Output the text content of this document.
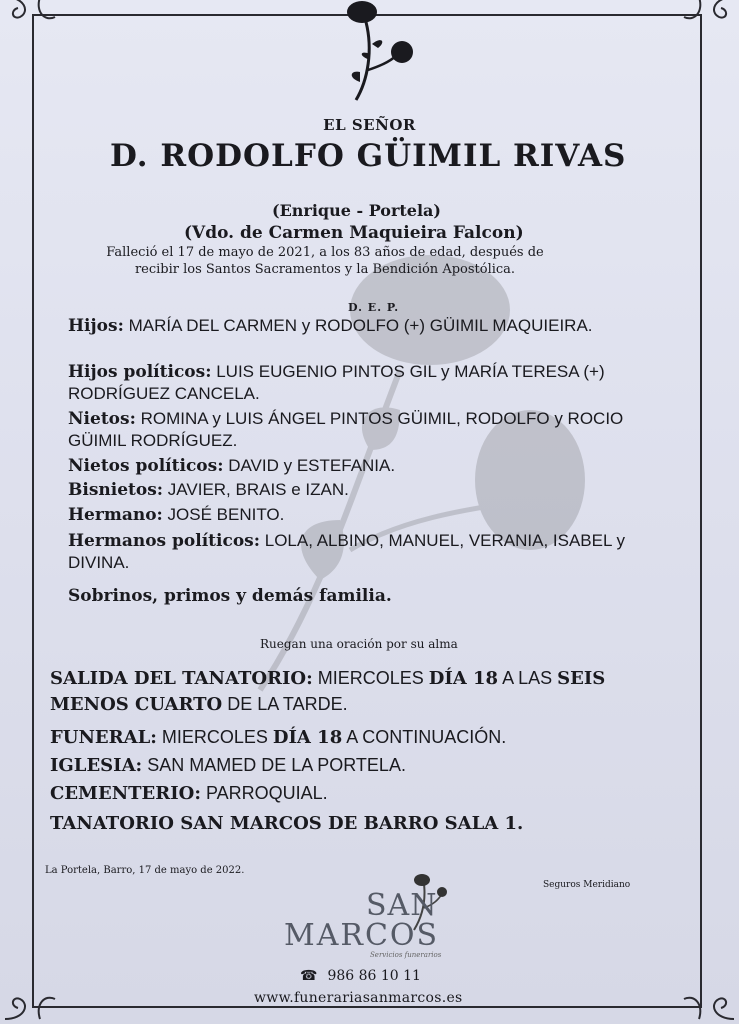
EL SEÑOR
D. RODOLFO GÜIMIL RIVAS
(Enrique - Portela)
(Vdo. de Carmen Maquieira Falcon)
Falleció el 17 de mayo de 2021, a los 83 años de edad, después de recibir los Santos Sacramentos y la Bendición Apostólica.
D. E. P.
Hijos: MARÍA DEL CARMEN y RODOLFO (+) GÜIMIL MAQUIEIRA.
Hijos políticos: LUIS EUGENIO PINTOS GIL y MARÍA TERESA (+) RODRÍGUEZ CANCELA.
Nietos: ROMINA y LUIS ÁNGEL PINTOS GÜIMIL, RODOLFO y ROCIO GÜIMIL RODRÍGUEZ.
Nietos políticos: DAVID y ESTEFANIA.
Bisnietos: JAVIER, BRAIS e IZAN.
Hermano: JOSÉ BENITO.
Hermanos políticos: LOLA, ALBINO, MANUEL, VERANIA, ISABEL y DIVINA.
Sobrinos, primos y demás familia.
Ruegan una oración por su alma
SALIDA DEL TANATORIO: MIERCOLES DÍA 18 A LAS SEIS
MENOS CUARTO DE LA TARDE.
FUNERAL: MIERCOLES DÍA 18 A CONTINUACIÓN.
IGLESIA: SAN MAMED DE LA PORTELA.
CEMENTERIO: PARROQUIAL.
TANATORIO SAN MARCOS DE BARRO SALA 1.
La Portela, Barro, 17 de mayo de 2022.
Seguros Meridiano
SAN
MARCOS
Servicios funerarios
☎ 986 86 10 11
www.funerariasanmarcos.es
